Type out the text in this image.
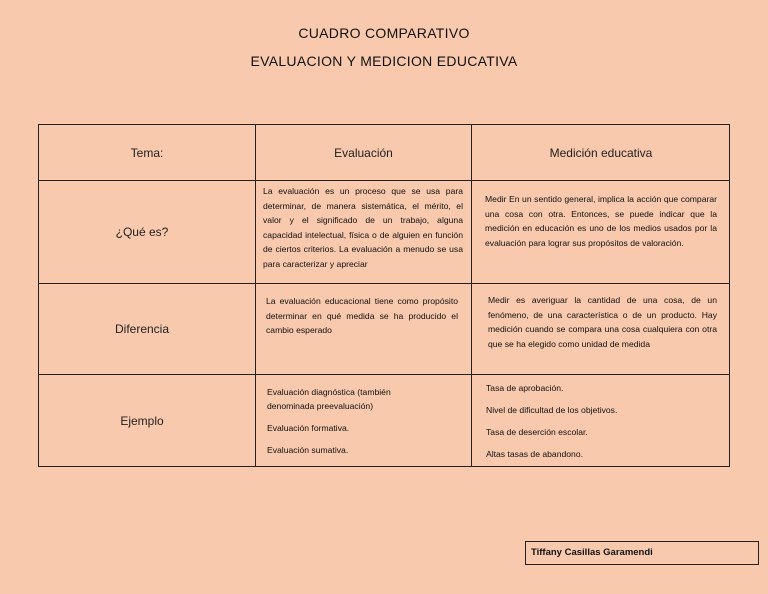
CUADRO COMPARATIVO
EVALUACION Y MEDICION EDUCATIVA
Tema:	Evaluación	Medición educativa
¿Qué es?
La evaluación es un proceso que se usa para determinar, de manera sistemática, el mérito, el valor y el significado de un trabajo, alguna capacidad intelectual, física o de alguien en función de ciertos criterios. La evaluación a menudo se usa para caracterizar y apreciar
Medir En un sentido general, implica la acción que comparar una cosa con otra. Entonces, se puede indicar que la medición en educación es uno de los medios usados por la evaluación para lograr sus propósitos de valoración.
Diferencia
La evaluación educacional tiene como propósito determinar en qué medida se ha producido el cambio esperado
Medir es averiguar la cantidad de una cosa, de un fenómeno, de una característica o de un producto. Hay medición cuando se compara una cosa cualquiera con otra que se ha elegido como unidad de medida
Ejemplo
Evaluación diagnóstica (también denominada preevaluación)
Evaluación formativa.
Evaluación sumativa.
Tasa de aprobación.
Nivel de dificultad de los objetivos.
Tasa de deserción escolar.
Altas tasas de abandono.
Tiffany Casillas Garamendi
